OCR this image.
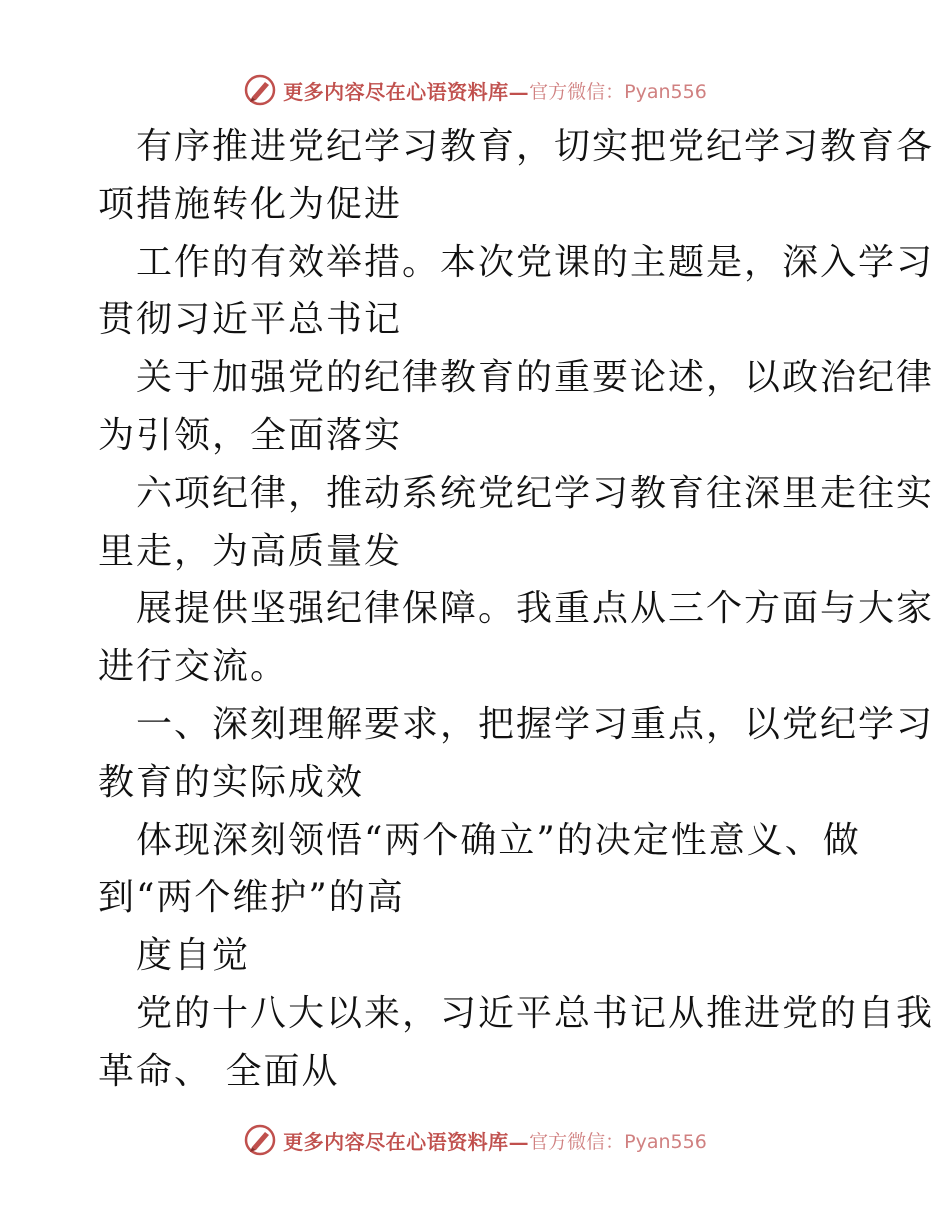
更多内容尽在心语资料库— 官方微信：Pyan556
有序推进党纪学习教育，切实把党纪学习教育各
项措施转化为促进
工作的有效举措。本次党课的主题是，深入学习
贯彻习近平总书记
关于加强党的纪律教育的重要论述，以政治纪律
为引领，全面落实
六项纪律，推动系统党纪学习教育往深里走往实
里走，为高质量发
展提供坚强纪律保障。我重点从三个方面与大家
进行交流。
一、深刻理解要求，把握学习重点，以党纪学习
教育的实际成效
体现深刻领悟“两个确立”的决定性意义、做
到“两个维护”的高
度自觉
党的十八大以来，习近平总书记从推进党的自我
革命、 全面从
更多内容尽在心语资料库— 官方微信：Pyan556
